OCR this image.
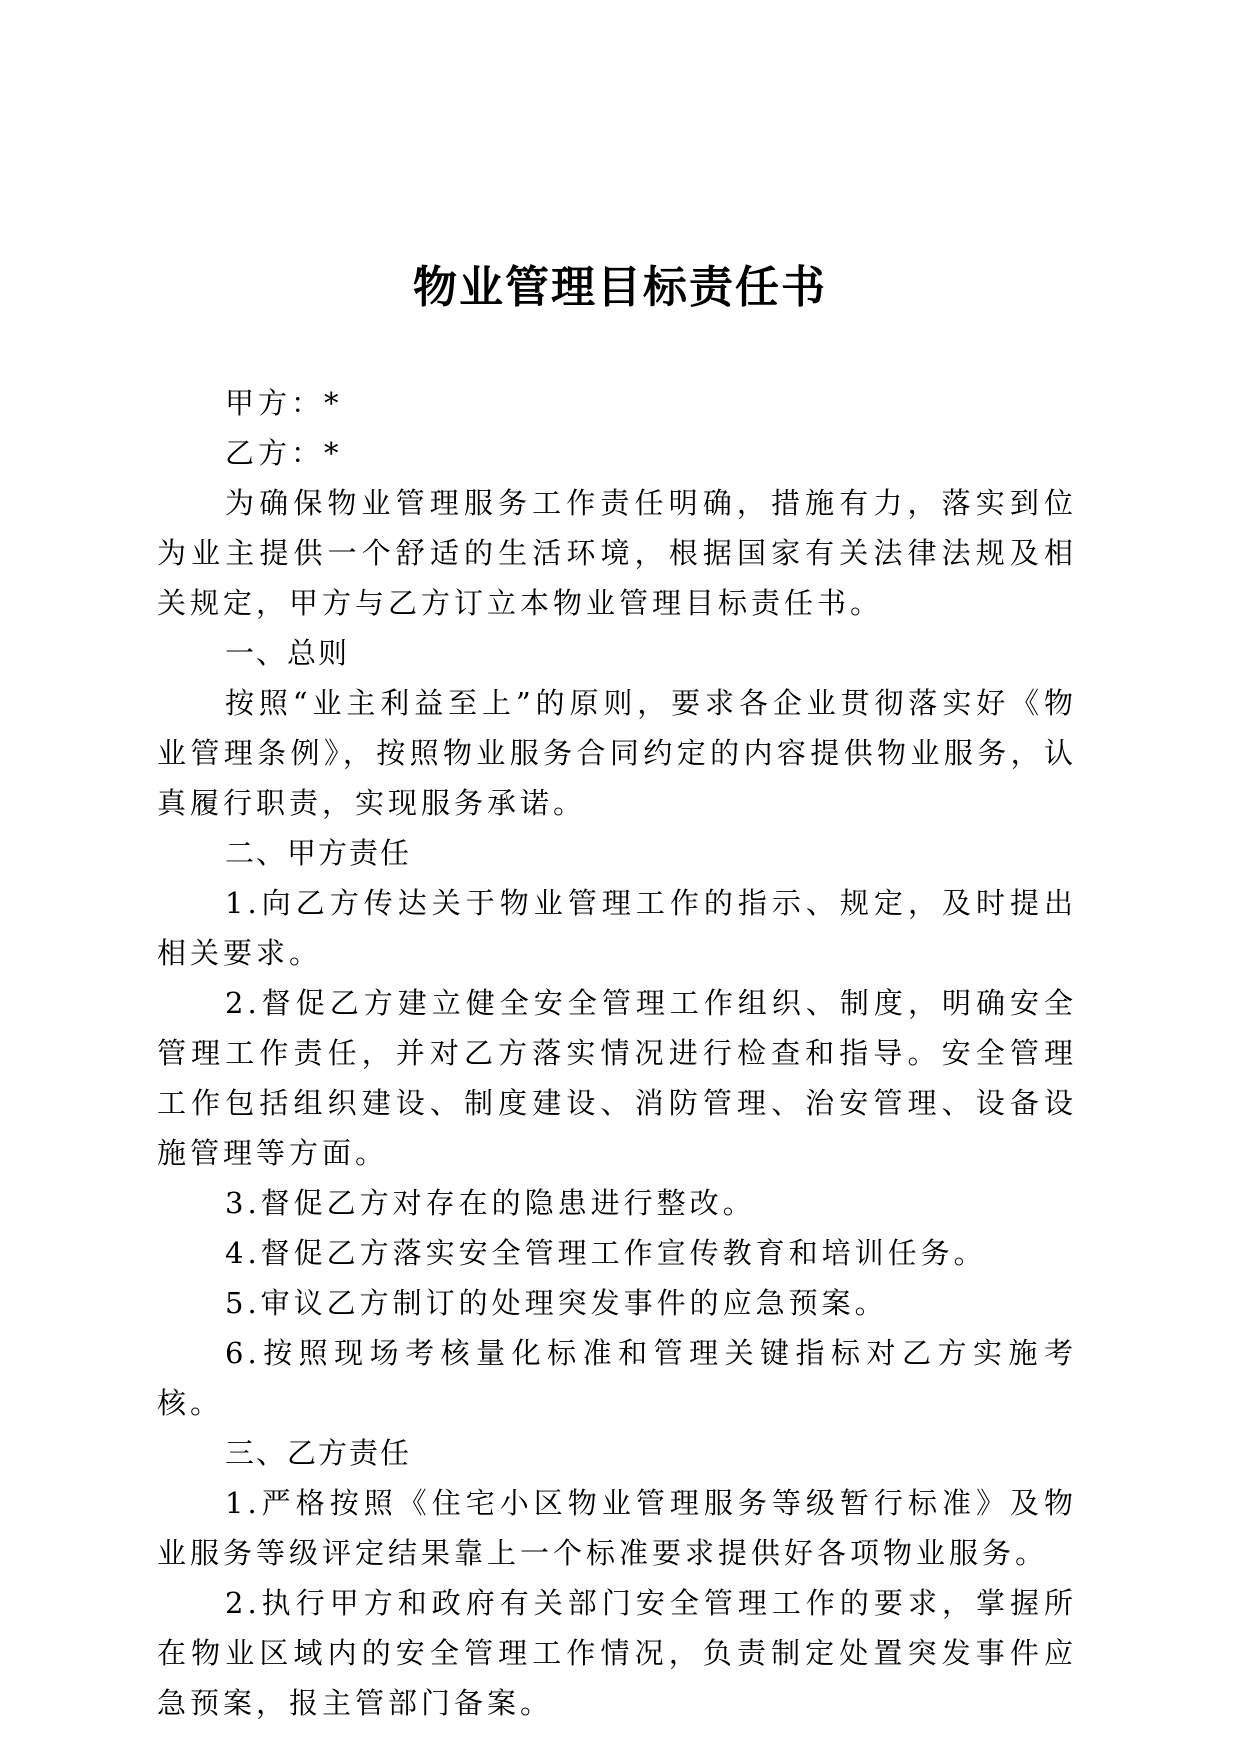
物业管理目标责任书

甲方：*

乙方：*

为确保物业管理服务工作责任明确，措施有力，落实到位为业主提供一个舒适的生活环境，根据国家有关法律法规及相关规定，甲方与乙方订立本物业管理目标责任书。

一、总则

按照“业主利益至上”的原则，要求各企业贯彻落实好《物业管理条例》，按照物业服务合同约定的内容提供物业服务，认真履行职责，实现服务承诺。

二、甲方责任

1.向乙方传达关于物业管理工作的指示、规定，及时提出相关要求。

2.督促乙方建立健全安全管理工作组织、制度，明确安全管理工作责任，并对乙方落实情况进行检查和指导。安全管理工作包括组织建设、制度建设、消防管理、治安管理、设备设施管理等方面。

3.督促乙方对存在的隐患进行整改。

4.督促乙方落实安全管理工作宣传教育和培训任务。

5.审议乙方制订的处理突发事件的应急预案。

6.按照现场考核量化标准和管理关键指标对乙方实施考核。

三、乙方责任

1.严格按照《住宅小区物业管理服务等级暂行标准》及物业服务等级评定结果靠上一个标准要求提供好各项物业服务。

2.执行甲方和政府有关部门安全管理工作的要求，掌握所在物业区域内的安全管理工作情况，负责制定处置突发事件应急预案，报主管部门备案。
